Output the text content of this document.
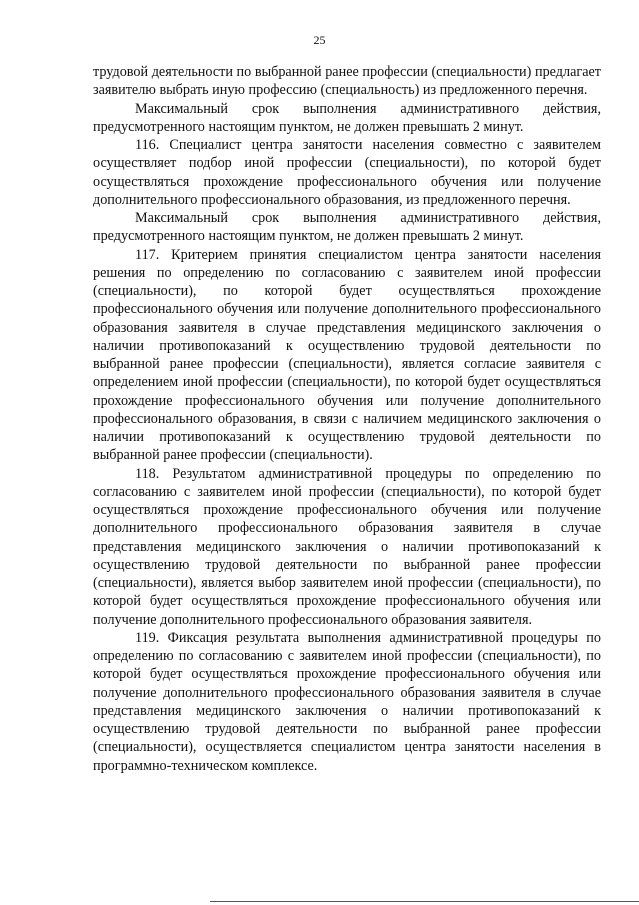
25

трудовой деятельности по выбранной ранее профессии (специальности) предлагает заявителю выбрать иную профессию (специальность) из предложенного перечня.

Максимальный срок выполнения административного действия, предусмотренного настоящим пунктом, не должен превышать 2 минут.

116. Специалист центра занятости населения совместно с заявителем осуществляет подбор иной профессии (специальности), по которой будет осуществляться прохождение профессионального обучения или получение дополнительного профессионального образования, из предложенного перечня.

Максимальный срок выполнения административного действия, предусмотренного настоящим пунктом, не должен превышать 2 минут.

117. Критерием принятия специалистом центра занятости населения решения по определению по согласованию с заявителем иной профессии (специальности), по которой будет осуществляться прохождение профессионального обучения или получение дополнительного профессионального образования заявителя в случае представления медицинского заключения о наличии противопоказаний к осуществлению трудовой деятельности по выбранной ранее профессии (специальности), является согласие заявителя с определением иной профессии (специальности), по которой будет осуществляться прохождение профессионального обучения или получение дополнительного профессионального образования, в связи с наличием медицинского заключения о наличии противопоказаний к осуществлению трудовой деятельности по выбранной ранее профессии (специальности).

118. Результатом административной процедуры по определению по согласованию с заявителем иной профессии (специальности), по которой будет осуществляться прохождение профессионального обучения или получение дополнительного профессионального образования заявителя в случае представления медицинского заключения о наличии противопоказаний к осуществлению трудовой деятельности по выбранной ранее профессии (специальности), является выбор заявителем иной профессии (специальности), по которой будет осуществляться прохождение профессионального обучения или получение дополнительного профессионального образования заявителя.

119. Фиксация результата выполнения административной процедуры по определению по согласованию с заявителем иной профессии (специальности), по которой будет осуществляться прохождение профессионального обучения или получение дополнительного профессионального образования заявителя в случае представления медицинского заключения о наличии противопоказаний к осуществлению трудовой деятельности по выбранной ранее профессии (специальности), осуществляется специалистом центра занятости населения в программно-техническом комплексе.
